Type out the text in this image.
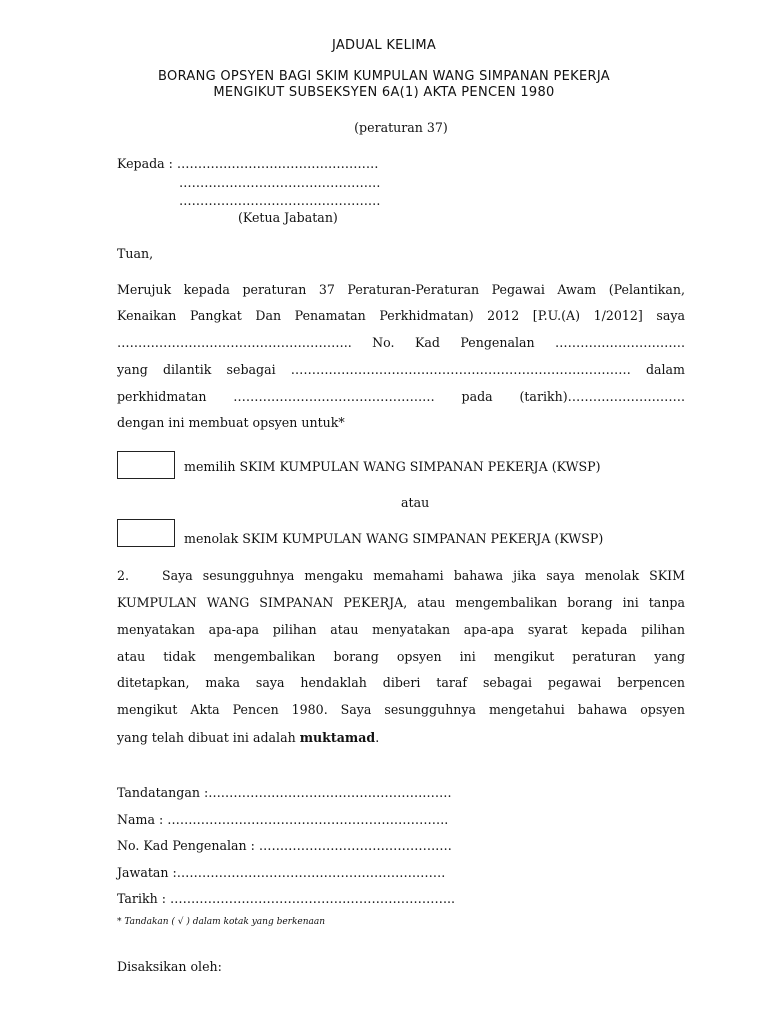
JADUAL KELIMA
BORANG OPSYEN BAGI SKIM KUMPULAN WANG SIMPANAN PEKERJA
MENGIKUT SUBSEKSYEN 6A(1) AKTA PENCEN 1980
(peraturan 37)
Kepada : …………………………………………
…………………………………………
…………………………………………
(Ketua Jabatan)
Tuan,
Merujuk kepada peraturan 37 Peraturan-Peraturan Pegawai Awam (Pelantikan,
Kenaikan Pangkat Dan Penamatan Perkhidmatan) 2012 [P.U.(A) 1/2012] saya
……………………………………………….. No. Kad Pengenalan ………………………….
yang dilantik sebagai ……………………………………………………………………… dalam
perkhidmatan ………………………………………… pada (tarikh)……………………….
dengan ini membuat opsyen untuk*
memilih SKIM KUMPULAN WANG SIMPANAN PEKERJA (KWSP)
atau
menolak SKIM KUMPULAN WANG SIMPANAN PEKERJA (KWSP)
2.	Saya sesungguhnya mengaku memahami bahawa jika saya menolak SKIM
KUMPULAN WANG SIMPANAN PEKERJA, atau mengembalikan borang ini tanpa
menyatakan apa-apa pilihan atau menyatakan apa-apa syarat kepada pilihan
atau tidak mengembalikan borang opsyen ini mengikut peraturan yang
ditetapkan, maka saya hendaklah diberi taraf sebagai pegawai berpencen
mengikut Akta Pencen 1980. Saya sesungguhnya mengetahui bahawa opsyen
yang telah dibuat ini adalah muktamad.
Tandatangan :………………………………………………….
Nama : ………………………………………………………….
No. Kad Pengenalan : ……………………………………….
Jawatan :……………………………………………………….
Tarikh : …………………………………………………………..
* Tandakan ( √ ) dalam kotak yang berkenaan
Disaksikan oleh:
